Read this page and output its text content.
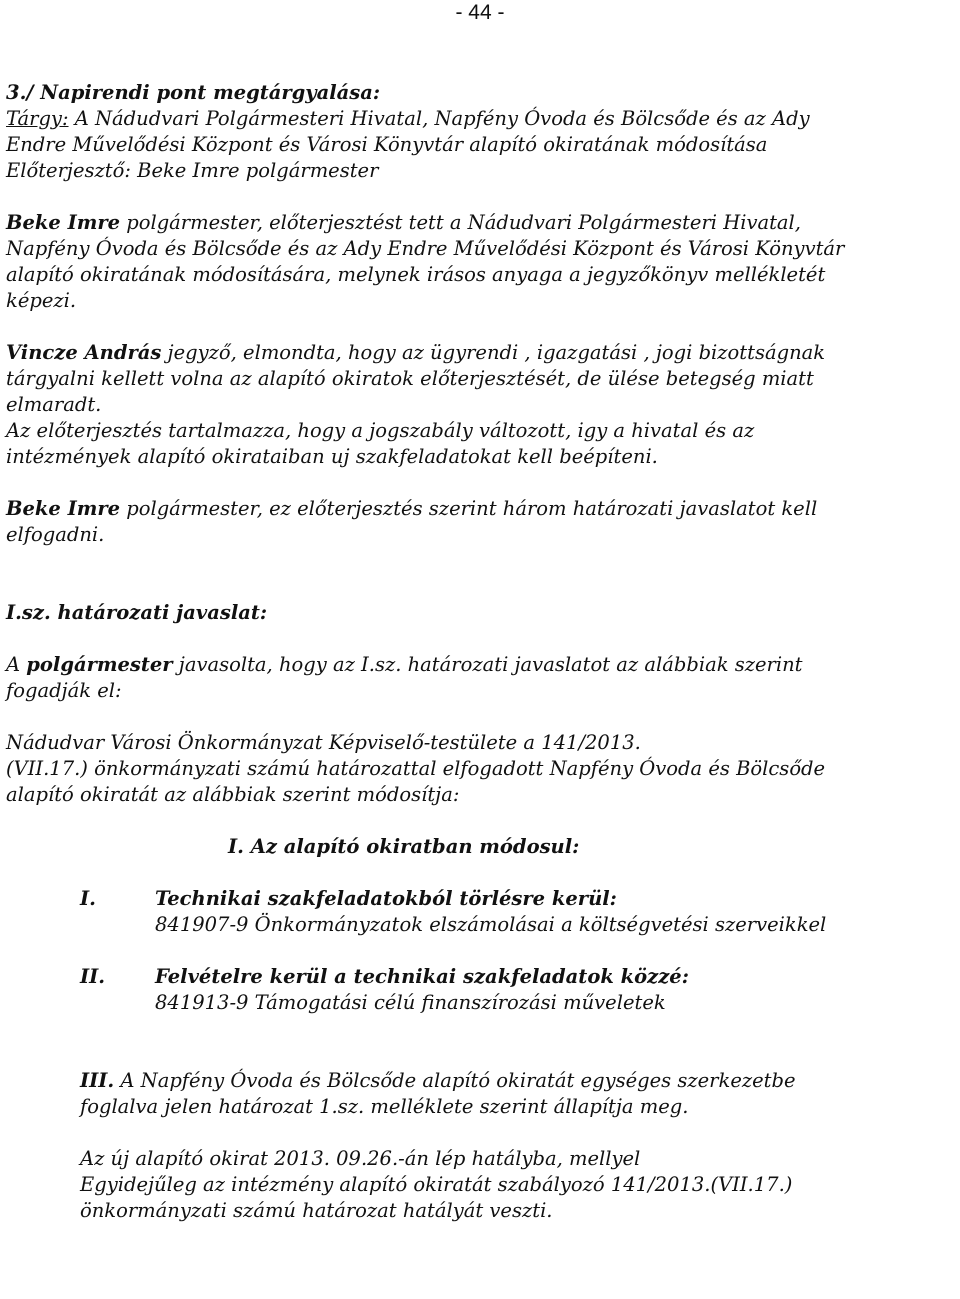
- 44 -
3./ Napirendi pont megtárgyalása:
Tárgy: A Nádudvari Polgármesteri Hivatal, Napfény Óvoda és Bölcsőde és az Ady
Endre Művelődési Központ és Városi Könyvtár alapító okiratának módosítása
Előterjesztő: Beke Imre polgármester
Beke Imre polgármester, előterjesztést tett a Nádudvari Polgármesteri Hivatal,
Napfény Óvoda és Bölcsőde és az Ady Endre Művelődési Központ és Városi Könyvtár
alapító okiratának módosítására, melynek irásos anyaga a jegyzőkönyv mellékletét
képezi.
Vincze András jegyző, elmondta, hogy az ügyrendi , igazgatási , jogi bizottságnak
tárgyalni kellett volna az alapító okiratok előterjesztését, de ülése betegség miatt
elmaradt.
Az előterjesztés tartalmazza, hogy a jogszabály változott, igy a hivatal és az
intézmények alapító okirataiban uj szakfeladatokat kell beépíteni.
Beke Imre polgármester, ez előterjesztés szerint három határozati javaslatot kell
elfogadni.
I.sz. határozati javaslat:
A polgármester javasolta, hogy az I.sz. határozati javaslatot az alábbiak szerint
fogadják el:
Nádudvar Városi Önkormányzat Képviselő-testülete a 141/2013.
(VII.17.) önkormányzati számú határozattal elfogadott Napfény Óvoda és Bölcsőde
alapító okiratát az alábbiak szerint módosítja:
I. Az alapító okiratban módosul:
I.	Technikai szakfeladatokból törlésre kerül:
841907-9 Önkormányzatok elszámolásai a költségvetési szerveikkel
II.	Felvételre kerül a technikai szakfeladatok közzé:
841913-9 Támogatási célú finanszírozási műveletek
III. A Napfény Óvoda és Bölcsőde alapító okiratát egységes szerkezetbe
foglalva jelen határozat 1.sz. melléklete szerint állapítja meg.
Az új alapító okirat 2013. 09.26.-án lép hatályba, mellyel
Egyidejűleg az intézmény alapító okiratát szabályozó 141/2013.(VII.17.)
önkormányzati számú határozat hatályát veszti.
